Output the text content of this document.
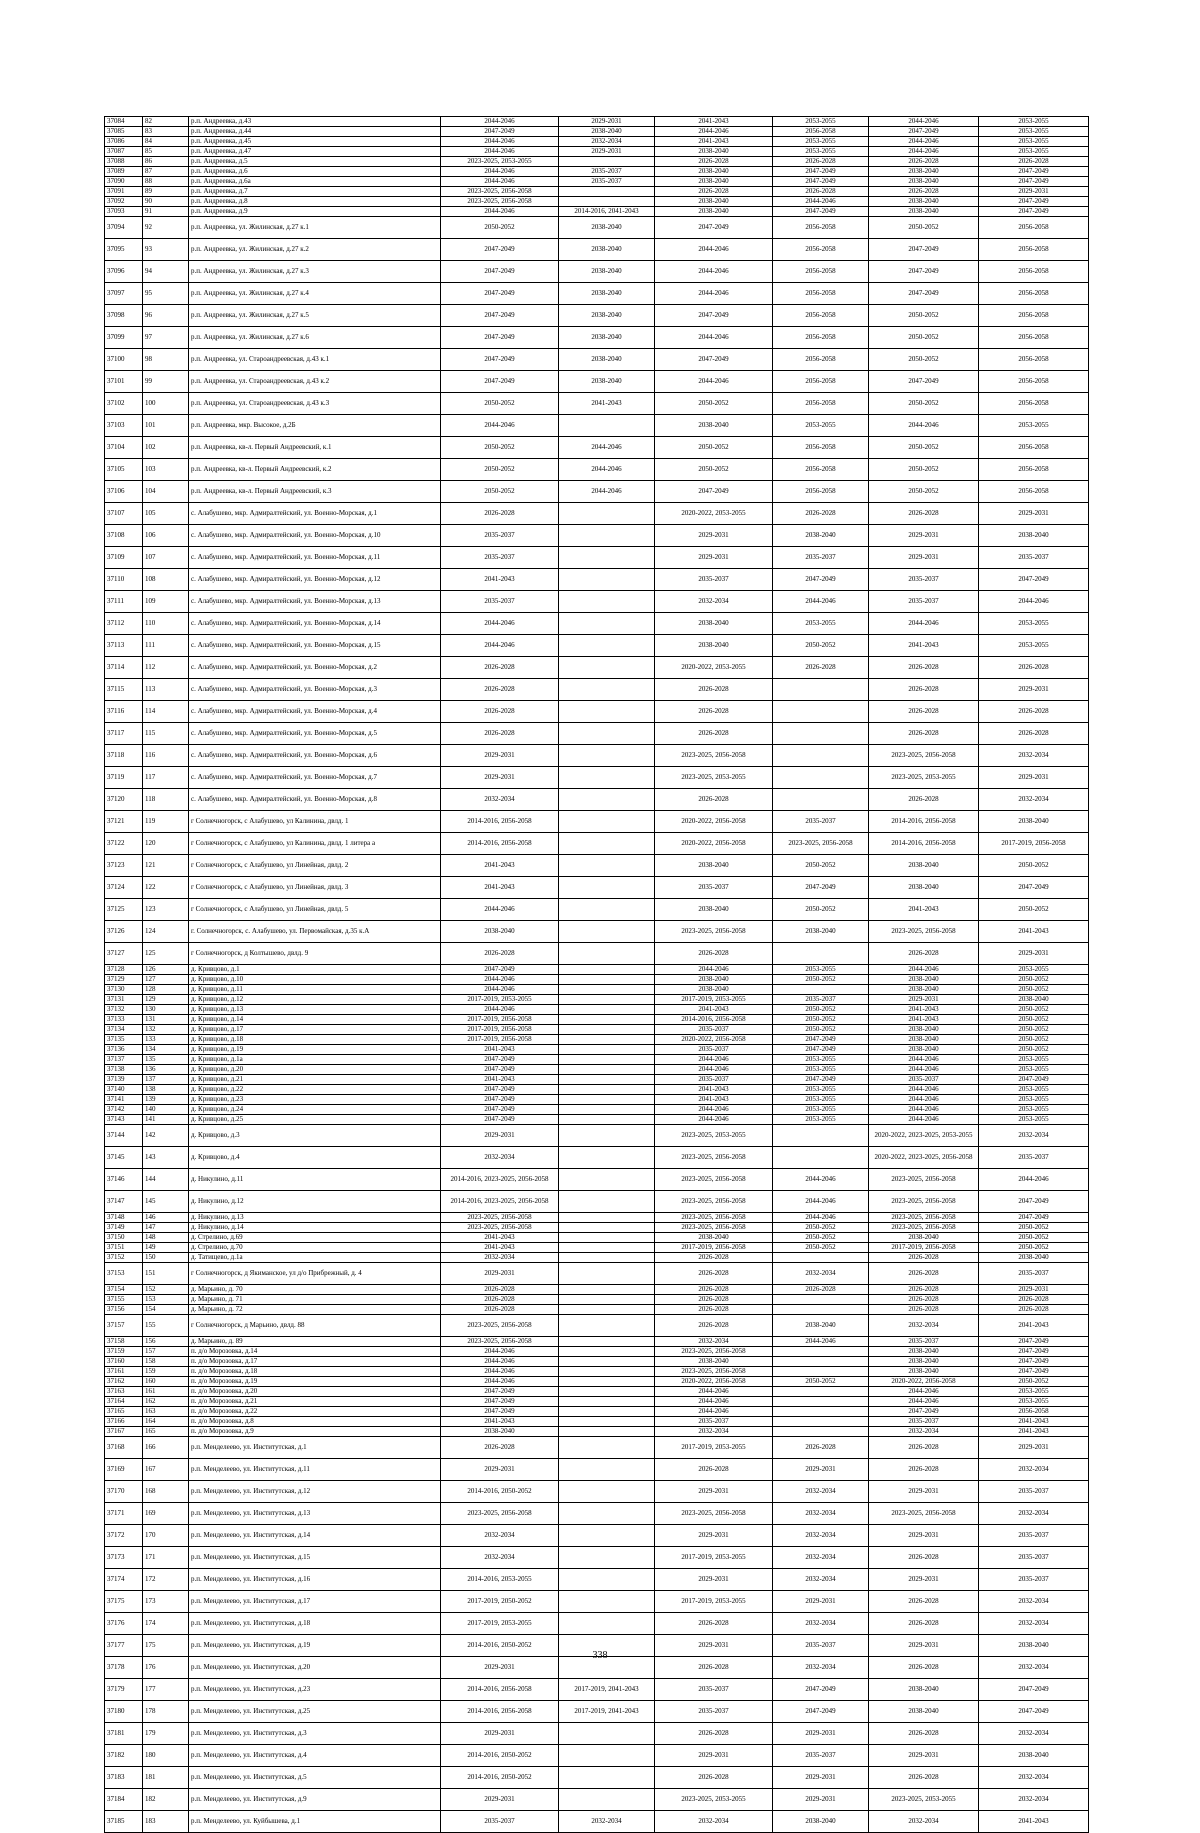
37084	82	р.п. Андреевка, д.43	2044-2046	2029-2031	2041-2043	2053-2055	2044-2046	2053-2055
37085	83	р.п. Андреевка, д.44	2047-2049	2038-2040	2044-2046	2056-2058	2047-2049	2053-2055
37086	84	р.п. Андреевка, д.45	2044-2046	2032-2034	2041-2043	2053-2055	2044-2046	2053-2055
37087	85	р.п. Андреевка, д.47	2044-2046	2029-2031	2038-2040	2053-2055	2044-2046	2053-2055
37088	86	р.п. Андреевка, д.5	2023-2025, 2053-2055		2026-2028	2026-2028	2026-2028	2026-2028
37089	87	р.п. Андреевка, д.6	2044-2046	2035-2037	2038-2040	2047-2049	2038-2040	2047-2049
37090	88	р.п. Андреевка, д.6а	2044-2046	2035-2037	2038-2040	2047-2049	2038-2040	2047-2049
37091	89	р.п. Андреевка, д.7	2023-2025, 2056-2058		2026-2028	2026-2028	2026-2028	2029-2031
37092	90	р.п. Андреевка, д.8	2023-2025, 2056-2058		2038-2040	2044-2046	2038-2040	2047-2049
37093	91	р.п. Андреевка, д.9	2044-2046	2014-2016, 2041-2043	2038-2040	2047-2049	2038-2040	2047-2049
37094	92	р.п. Андреевка, ул. Жилинская, д.27 к.1	2050-2052	2038-2040	2047-2049	2056-2058	2050-2052	2056-2058
37095	93	р.п. Андреевка, ул. Жилинская, д.27 к.2	2047-2049	2038-2040	2044-2046	2056-2058	2047-2049	2056-2058
37096	94	р.п. Андреевка, ул. Жилинская, д.27 к.3	2047-2049	2038-2040	2044-2046	2056-2058	2047-2049	2056-2058
37097	95	р.п. Андреевка, ул. Жилинская, д.27 к.4	2047-2049	2038-2040	2044-2046	2056-2058	2047-2049	2056-2058
37098	96	р.п. Андреевка, ул. Жилинская, д.27 к.5	2047-2049	2038-2040	2047-2049	2056-2058	2050-2052	2056-2058
37099	97	р.п. Андреевка, ул. Жилинская, д.27 к.6	2047-2049	2038-2040	2044-2046	2056-2058	2050-2052	2056-2058
37100	98	р.п. Андреевка, ул. Староандреевская, д.43 к.1	2047-2049	2038-2040	2047-2049	2056-2058	2050-2052	2056-2058
37101	99	р.п. Андреевка, ул. Староандреевская, д.43 к.2	2047-2049	2038-2040	2044-2046	2056-2058	2047-2049	2056-2058
37102	100	р.п. Андреевка, ул. Староандреевская, д.43 к.3	2050-2052	2041-2043	2050-2052	2056-2058	2050-2052	2056-2058
37103	101	р.п. Андреевка, мкр. Высокое, д.2Б	2044-2046		2038-2040	2053-2055	2044-2046	2053-2055
37104	102	р.п. Андреевка, кв-л. Первый Андреевский, к.1	2050-2052	2044-2046	2050-2052	2056-2058	2050-2052	2056-2058
37105	103	р.п. Андреевка, кв-л. Первый Андреевский, к.2	2050-2052	2044-2046	2050-2052	2056-2058	2050-2052	2056-2058
37106	104	р.п. Андреевка, кв-л. Первый Андреевский, к.3	2050-2052	2044-2046	2047-2049	2056-2058	2050-2052	2056-2058
37107	105	с. Алабушево, мкр. Адмиралтейский, ул. Военно-Морская, д.1	2026-2028		2020-2022, 2053-2055	2026-2028	2026-2028	2029-2031
37108	106	с. Алабушево, мкр. Адмиралтейский, ул. Военно-Морская, д.10	2035-2037		2029-2031	2038-2040	2029-2031	2038-2040
37109	107	с. Алабушево, мкр. Адмиралтейский, ул. Военно-Морская, д.11	2035-2037		2029-2031	2035-2037	2029-2031	2035-2037
37110	108	с. Алабушево, мкр. Адмиралтейский, ул. Военно-Морская, д.12	2041-2043		2035-2037	2047-2049	2035-2037	2047-2049
37111	109	с. Алабушево, мкр. Адмиралтейский, ул. Военно-Морская, д.13	2035-2037		2032-2034	2044-2046	2035-2037	2044-2046
37112	110	с. Алабушево, мкр. Адмиралтейский, ул. Военно-Морская, д.14	2044-2046		2038-2040	2053-2055	2044-2046	2053-2055
37113	111	с. Алабушево, мкр. Адмиралтейский, ул. Военно-Морская, д.15	2044-2046		2038-2040	2050-2052	2041-2043	2053-2055
37114	112	с. Алабушево, мкр. Адмиралтейский, ул. Военно-Морская, д.2	2026-2028		2020-2022, 2053-2055	2026-2028	2026-2028	2026-2028
37115	113	с. Алабушево, мкр. Адмиралтейский, ул. Военно-Морская, д.3	2026-2028		2026-2028		2026-2028	2029-2031
37116	114	с. Алабушево, мкр. Адмиралтейский, ул. Военно-Морская, д.4	2026-2028		2026-2028		2026-2028	2026-2028
37117	115	с. Алабушево, мкр. Адмиралтейский, ул. Военно-Морская, д.5	2026-2028		2026-2028		2026-2028	2026-2028
37118	116	с. Алабушево, мкр. Адмиралтейский, ул. Военно-Морская, д.6	2029-2031		2023-2025, 2056-2058		2023-2025, 2056-2058	2032-2034
37119	117	с. Алабушево, мкр. Адмиралтейский, ул. Военно-Морская, д.7	2029-2031		2023-2025, 2053-2055		2023-2025, 2053-2055	2029-2031
37120	118	с. Алабушево, мкр. Адмиралтейский, ул. Военно-Морская, д.8	2032-2034		2026-2028		2026-2028	2032-2034
37121	119	г Солнечногорск, с Алабушево, ул Калинина, двлд. 1	2014-2016, 2056-2058		2020-2022, 2056-2058	2035-2037	2014-2016, 2056-2058	2038-2040
37122	120	г Солнечногорск, с Алабушево, ул Калинина, двлд. 1 литера а	2014-2016, 2056-2058		2020-2022, 2056-2058	2023-2025, 2056-2058	2014-2016, 2056-2058	2017-2019, 2056-2058
37123	121	г Солнечногорск, с Алабушево, ул Линейная, двлд. 2	2041-2043		2038-2040	2050-2052	2038-2040	2050-2052
37124	122	г Солнечногорск, с Алабушево, ул Линейная, двлд. 3	2041-2043		2035-2037	2047-2049	2038-2040	2047-2049
37125	123	г Солнечногорск, с Алабушево, ул Линейная, двлд. 5	2044-2046		2038-2040	2050-2052	2041-2043	2050-2052
37126	124	г. Солнечногорск, с. Алабушево, ул. Первомайская, д.35 к.А	2038-2040		2023-2025, 2056-2058	2038-2040	2023-2025, 2056-2058	2041-2043
37127	125	г Солнечногорск, д Колтышево, двлд. 9	2026-2028		2026-2028		2026-2028	2029-2031
37128	126	д. Кривцово, д.1	2047-2049		2044-2046	2053-2055	2044-2046	2053-2055
37129	127	д. Кривцово, д.10	2044-2046		2038-2040	2050-2052	2038-2040	2050-2052
37130	128	д. Кривцово, д.11	2044-2046		2038-2040		2038-2040	2050-2052
37131	129	д. Кривцово, д.12	2017-2019, 2053-2055		2017-2019, 2053-2055	2035-2037	2029-2031	2038-2040
37132	130	д. Кривцово, д.13	2044-2046		2041-2043	2050-2052	2041-2043	2050-2052
37133	131	д. Кривцово, д.14	2017-2019, 2056-2058		2014-2016, 2056-2058	2050-2052	2041-2043	2050-2052
37134	132	д. Кривцово, д.17	2017-2019, 2056-2058		2035-2037	2050-2052	2038-2040	2050-2052
37135	133	д. Кривцово, д.18	2017-2019, 2056-2058		2020-2022, 2056-2058	2047-2049	2038-2040	2050-2052
37136	134	д. Кривцово, д.19	2041-2043		2035-2037	2047-2049	2038-2040	2050-2052
37137	135	д. Кривцово, д.1а	2047-2049		2044-2046	2053-2055	2044-2046	2053-2055
37138	136	д. Кривцово, д.20	2047-2049		2044-2046	2053-2055	2044-2046	2053-2055
37139	137	д. Кривцово, д.21	2041-2043		2035-2037	2047-2049	2035-2037	2047-2049
37140	138	д. Кривцово, д.22	2047-2049		2041-2043	2053-2055	2044-2046	2053-2055
37141	139	д. Кривцово, д.23	2047-2049		2041-2043	2053-2055	2044-2046	2053-2055
37142	140	д. Кривцово, д.24	2047-2049		2044-2046	2053-2055	2044-2046	2053-2055
37143	141	д. Кривцово, д.25	2047-2049		2044-2046	2053-2055	2044-2046	2053-2055
37144	142	д. Кривцово, д.3	2029-2031		2023-2025, 2053-2055		2020-2022, 2023-2025, 2053-2055	2032-2034
37145	143	д. Кривцово, д.4	2032-2034		2023-2025, 2056-2058		2020-2022, 2023-2025, 2056-2058	2035-2037
37146	144	д. Никулино, д.11	2014-2016, 2023-2025, 2056-2058		2023-2025, 2056-2058	2044-2046	2023-2025, 2056-2058	2044-2046
37147	145	д. Никулино, д.12	2014-2016, 2023-2025, 2056-2058		2023-2025, 2056-2058	2044-2046	2023-2025, 2056-2058	2047-2049
37148	146	д. Никулино, д.13	2023-2025, 2056-2058		2023-2025, 2056-2058	2044-2046	2023-2025, 2056-2058	2047-2049
37149	147	д. Никулино, д.14	2023-2025, 2056-2058		2023-2025, 2056-2058	2050-2052	2023-2025, 2056-2058	2050-2052
37150	148	д. Стрелино, д.69	2041-2043		2038-2040	2050-2052	2038-2040	2050-2052
37151	149	д. Стрелино, д.70	2041-2043		2017-2019, 2056-2058	2050-2052	2017-2019, 2056-2058	2050-2052
37152	150	д. Татищево, д.1а	2032-2034		2026-2028		2026-2028	2038-2040
37153	151	г Солнечногорск, д Якиманское, ул д/о Прибрежный, д. 4	2029-2031		2026-2028	2032-2034	2026-2028	2035-2037
37154	152	д. Марьино, д. 70	2026-2028		2026-2028	2026-2028	2026-2028	2029-2031
37155	153	д. Марьино, д. 71	2026-2028		2026-2028		2026-2028	2026-2028
37156	154	д. Марьино, д. 72	2026-2028		2026-2028		2026-2028	2026-2028
37157	155	г Солнечногорск, д Марьино, двлд. 88	2023-2025, 2056-2058		2026-2028	2038-2040	2032-2034	2041-2043
37158	156	д. Марьино, д. 89	2023-2025, 2056-2058		2032-2034	2044-2046	2035-2037	2047-2049
37159	157	п. д/о Морозовка, д.14	2044-2046		2023-2025, 2056-2058		2038-2040	2047-2049
37160	158	п. д/о Морозовка, д.17	2044-2046		2038-2040		2038-2040	2047-2049
37161	159	п. д/о Морозовка, д.18	2044-2046		2023-2025, 2056-2058		2038-2040	2047-2049
37162	160	п. д/о Морозовка, д.19	2044-2046		2020-2022, 2056-2058	2050-2052	2020-2022, 2056-2058	2050-2052
37163	161	п. д/о Морозовка, д.20	2047-2049		2044-2046		2044-2046	2053-2055
37164	162	п. д/о Морозовка, д.21	2047-2049		2044-2046		2044-2046	2053-2055
37165	163	п. д/о Морозовка, д.22	2047-2049		2044-2046		2047-2049	2056-2058
37166	164	п. д/о Морозовка, д.8	2041-2043		2035-2037		2035-2037	2041-2043
37167	165	п. д/о Морозовка, д.9	2038-2040		2032-2034		2032-2034	2041-2043
37168	166	р.п. Менделеево, ул. Институтская, д.1	2026-2028		2017-2019, 2053-2055	2026-2028	2026-2028	2029-2031
37169	167	р.п. Менделеево, ул. Институтская, д.11	2029-2031		2026-2028	2029-2031	2026-2028	2032-2034
37170	168	р.п. Менделеево, ул. Институтская, д.12	2014-2016, 2050-2052		2029-2031	2032-2034	2029-2031	2035-2037
37171	169	р.п. Менделеево, ул. Институтская, д.13	2023-2025, 2056-2058		2023-2025, 2056-2058	2032-2034	2023-2025, 2056-2058	2032-2034
37172	170	р.п. Менделеево, ул. Институтская, д.14	2032-2034		2029-2031	2032-2034	2029-2031	2035-2037
37173	171	р.п. Менделеево, ул. Институтская, д.15	2032-2034		2017-2019, 2053-2055	2032-2034	2026-2028	2035-2037
37174	172	р.п. Менделеево, ул. Институтская, д.16	2014-2016, 2053-2055		2029-2031	2032-2034	2029-2031	2035-2037
37175	173	р.п. Менделеево, ул. Институтская, д.17	2017-2019, 2050-2052		2017-2019, 2053-2055	2029-2031	2026-2028	2032-2034
37176	174	р.п. Менделеево, ул. Институтская, д.18	2017-2019, 2053-2055		2026-2028	2032-2034	2026-2028	2032-2034
37177	175	р.п. Менделеево, ул. Институтская, д.19	2014-2016, 2050-2052		2029-2031	2035-2037	2029-2031	2038-2040
37178	176	р.п. Менделеево, ул. Институтская, д.20	2029-2031		2026-2028	2032-2034	2026-2028	2032-2034
37179	177	р.п. Менделеево, ул. Институтская, д.23	2014-2016, 2056-2058	2017-2019, 2041-2043	2035-2037	2047-2049	2038-2040	2047-2049
37180	178	р.п. Менделеево, ул. Институтская, д.25	2014-2016, 2056-2058	2017-2019, 2041-2043	2035-2037	2047-2049	2038-2040	2047-2049
37181	179	р.п. Менделеево, ул. Институтская, д.3	2029-2031		2026-2028	2029-2031	2026-2028	2032-2034
37182	180	р.п. Менделеево, ул. Институтская, д.4	2014-2016, 2050-2052		2029-2031	2035-2037	2029-2031	2038-2040
37183	181	р.п. Менделеево, ул. Институтская, д.5	2014-2016, 2050-2052		2026-2028	2029-2031	2026-2028	2032-2034
37184	182	р.п. Менделеево, ул. Институтская, д.9	2029-2031		2023-2025, 2053-2055	2029-2031	2023-2025, 2053-2055	2032-2034
37185	183	р.п. Менделеево, ул. Куйбышева, д.1	2035-2037	2032-2034	2032-2034	2038-2040	2032-2034	2041-2043
338
